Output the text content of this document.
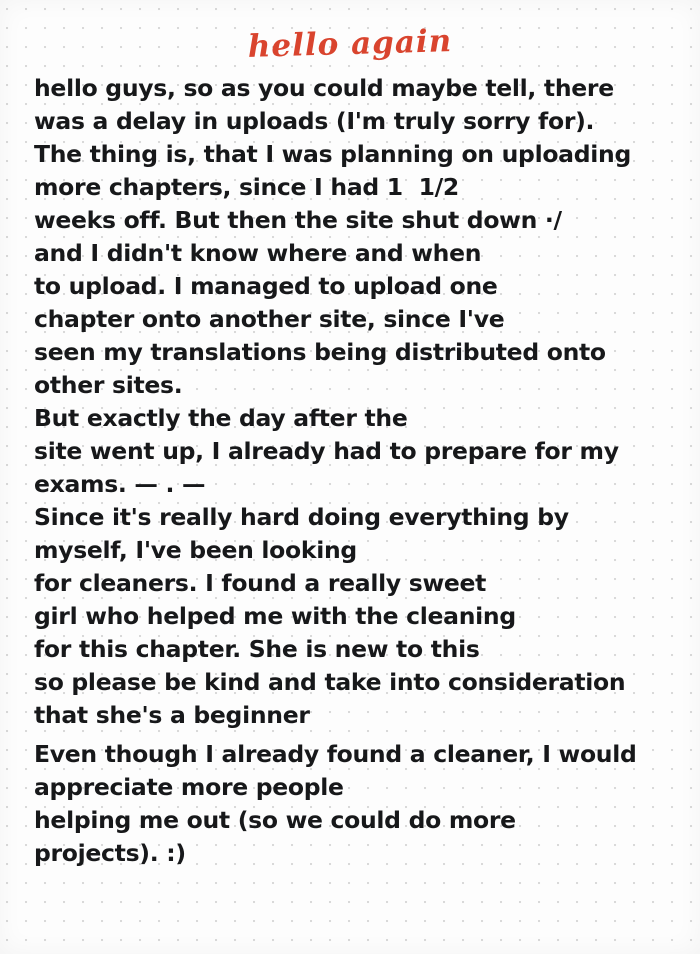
hello again
hello guys, so as you could maybe tell, there
was a delay in uploads (I'm truly sorry for).
The thing is, that I was planning on uploading
more chapters, since I had 1  1/2
weeks off. But then the site shut down ·/
and I didn't know where and when
to upload. I managed to upload one
chapter onto another site, since I've
seen my translations being distributed onto
other sites.
But exactly the day after the
site went up, I already had to prepare for my
exams. — . —
Since it's really hard doing everything by
myself, I've been looking
for cleaners. I found a really sweet
girl who helped me with the cleaning
for this chapter. She is new to this
so please be kind and take into consideration
that she's a beginner
Even though I already found a cleaner, I would
appreciate more people
helping me out (so we could do more
projects). :)
